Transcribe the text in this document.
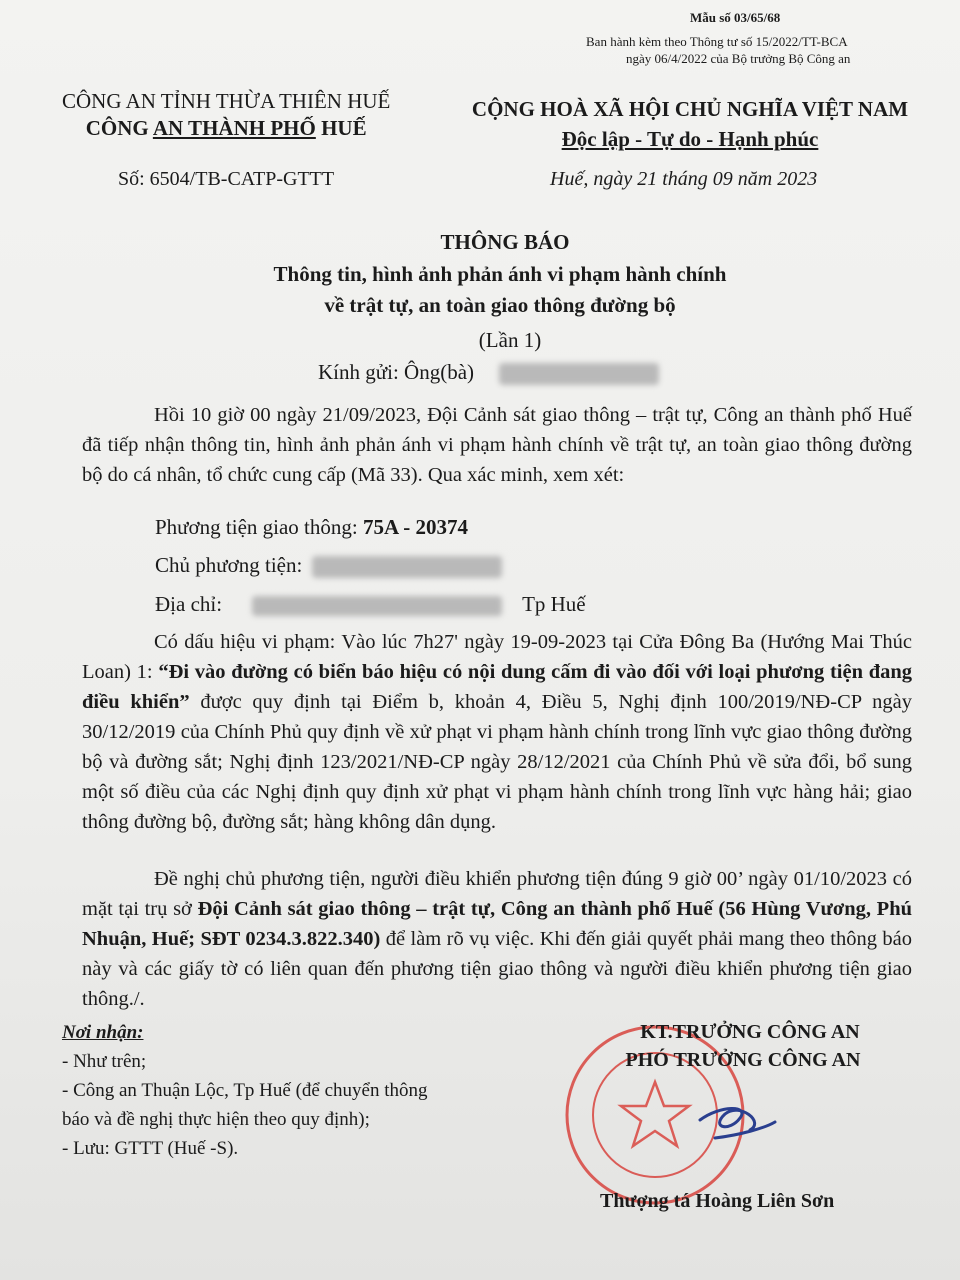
Mẫu số 03/65/68
Ban hành kèm theo Thông tư số 15/2022/TT-BCA
ngày 06/4/2022 của Bộ trưởng Bộ Công an
CÔNG AN TỈNH THỪA THIÊN HUẾ
CÔNG AN THÀNH PHỐ HUẾ
CỘNG HOÀ XÃ HỘI CHỦ NGHĨA VIỆT NAM
Độc lập - Tự do - Hạnh phúc
Số: 6504/TB-CATP-GTTT	Huế, ngày 21 tháng 09 năm 2023
THÔNG BÁO
Thông tin, hình ảnh phản ánh vi phạm hành chính
về trật tự, an toàn giao thông đường bộ
(Lần 1)
Kính gửi: Ông(bà)
Hồi 10 giờ 00 ngày 21/09/2023, Đội Cảnh sát giao thông – trật tự, Công an thành phố Huế đã tiếp nhận thông tin, hình ảnh phản ánh vi phạm hành chính về trật tự, an toàn giao thông đường bộ do cá nhân, tổ chức cung cấp (Mã 33). Qua xác minh, xem xét:
Phương tiện giao thông: 75A - 20374
Chủ phương tiện:
Địa chỉ:	Tp Huế
Có dấu hiệu vi phạm: Vào lúc 7h27' ngày 19-09-2023 tại Cửa Đông Ba (Hướng Mai Thúc Loan) 1: “Đi vào đường có biển báo hiệu có nội dung cấm đi vào đối với loại phương tiện đang điều khiển” được quy định tại Điểm b, khoản 4, Điều 5, Nghị định 100/2019/NĐ-CP ngày 30/12/2019 của Chính Phủ quy định về xử phạt vi phạm hành chính trong lĩnh vực giao thông đường bộ và đường sắt; Nghị định 123/2021/NĐ-CP ngày 28/12/2021 của Chính Phủ về sửa đổi, bổ sung một số điều của các Nghị định quy định xử phạt vi phạm hành chính trong lĩnh vực hàng hải; giao thông đường bộ, đường sắt; hàng không dân dụng.
Đề nghị chủ phương tiện, người điều khiển phương tiện đúng 9 giờ 00’ ngày 01/10/2023 có mặt tại trụ sở Đội Cảnh sát giao thông – trật tự, Công an thành phố Huế (56 Hùng Vương, Phú Nhuận, Huế; SĐT 0234.3.822.340) để làm rõ vụ việc. Khi đến giải quyết phải mang theo thông báo này và các giấy tờ có liên quan đến phương tiện giao thông và người điều khiển phương tiện giao thông./.
Nơi nhận:
- Như trên;
- Công an Thuận Lộc, Tp Huế (để chuyển thông
báo và đề nghị thực hiện theo quy định);
- Lưu: GTTT (Huế -S).
KT.TRƯỞNG CÔNG AN
PHÓ TRƯỞNG CÔNG AN
Thượng tá Hoàng Liên Sơn
